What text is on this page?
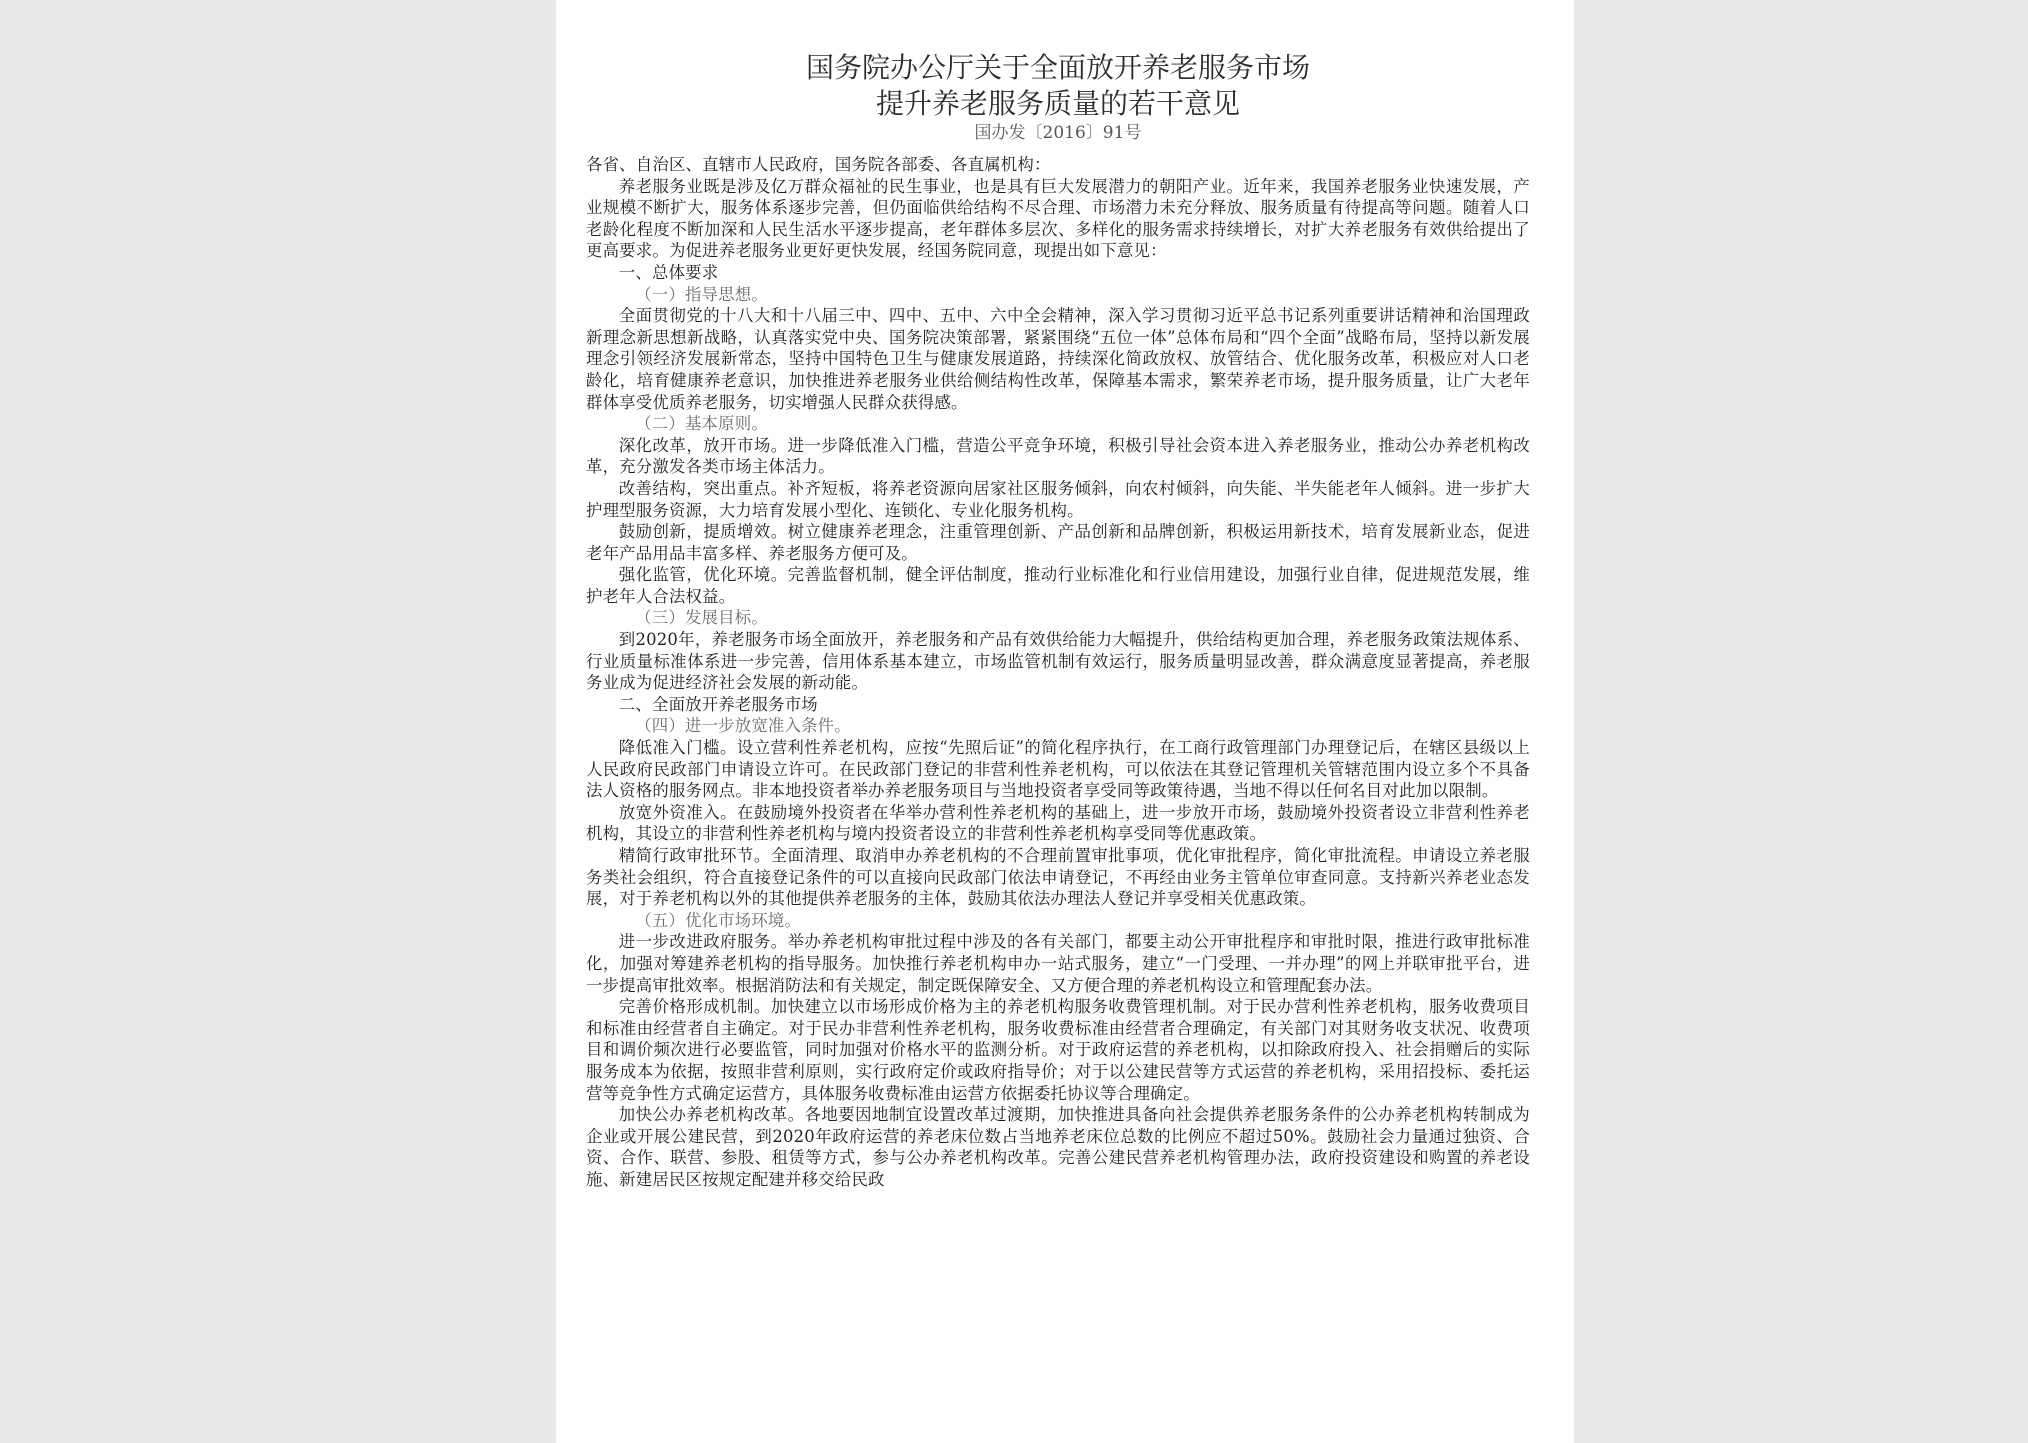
国务院办公厅关于全面放开养老服务市场
提升养老服务质量的若干意见
国办发〔2016〕91号

各省、自治区、直辖市人民政府，国务院各部委、各直属机构：

养老服务业既是涉及亿万群众福祉的民生事业，也是具有巨大发展潜力的朝阳产业。近年来，我国养老服务业快速发展，产业规模不断扩大，服务体系逐步完善，但仍面临供给结构不尽合理、市场潜力未充分释放、服务质量有待提高等问题。随着人口老龄化程度不断加深和人民生活水平逐步提高，老年群体多层次、多样化的服务需求持续增长，对扩大养老服务有效供给提出了更高要求。为促进养老服务业更好更快发展，经国务院同意，现提出如下意见：

一、总体要求

（一）指导思想。

全面贯彻党的十八大和十八届三中、四中、五中、六中全会精神，深入学习贯彻习近平总书记系列重要讲话精神和治国理政新理念新思想新战略，认真落实党中央、国务院决策部署，紧紧围绕“五位一体”总体布局和“四个全面”战略布局，坚持以新发展理念引领经济发展新常态，坚持中国特色卫生与健康发展道路，持续深化简政放权、放管结合、优化服务改革，积极应对人口老龄化，培育健康养老意识，加快推进养老服务业供给侧结构性改革，保障基本需求，繁荣养老市场，提升服务质量，让广大老年群体享受优质养老服务，切实增强人民群众获得感。

（二）基本原则。

深化改革，放开市场。进一步降低准入门槛，营造公平竞争环境，积极引导社会资本进入养老服务业，推动公办养老机构改革，充分激发各类市场主体活力。

改善结构，突出重点。补齐短板，将养老资源向居家社区服务倾斜，向农村倾斜，向失能、半失能老年人倾斜。进一步扩大护理型服务资源，大力培育发展小型化、连锁化、专业化服务机构。

鼓励创新，提质增效。树立健康养老理念，注重管理创新、产品创新和品牌创新，积极运用新技术，培育发展新业态，促进老年产品用品丰富多样、养老服务方便可及。

强化监管，优化环境。完善监督机制，健全评估制度，推动行业标准化和行业信用建设，加强行业自律，促进规范发展，维护老年人合法权益。

（三）发展目标。

到2020年，养老服务市场全面放开，养老服务和产品有效供给能力大幅提升，供给结构更加合理，养老服务政策法规体系、行业质量标准体系进一步完善，信用体系基本建立，市场监管机制有效运行，服务质量明显改善，群众满意度显著提高，养老服务业成为促进经济社会发展的新动能。

二、全面放开养老服务市场

（四）进一步放宽准入条件。

降低准入门槛。设立营利性养老机构，应按“先照后证”的简化程序执行，在工商行政管理部门办理登记后，在辖区县级以上人民政府民政部门申请设立许可。在民政部门登记的非营利性养老机构，可以依法在其登记管理机关管辖范围内设立多个不具备法人资格的服务网点。非本地投资者举办养老服务项目与当地投资者享受同等政策待遇，当地不得以任何名目对此加以限制。

放宽外资准入。在鼓励境外投资者在华举办营利性养老机构的基础上，进一步放开市场，鼓励境外投资者设立非营利性养老机构，其设立的非营利性养老机构与境内投资者设立的非营利性养老机构享受同等优惠政策。

精简行政审批环节。全面清理、取消申办养老机构的不合理前置审批事项，优化审批程序，简化审批流程。申请设立养老服务类社会组织，符合直接登记条件的可以直接向民政部门依法申请登记，不再经由业务主管单位审查同意。支持新兴养老业态发展，对于养老机构以外的其他提供养老服务的主体，鼓励其依法办理法人登记并享受相关优惠政策。

（五）优化市场环境。

进一步改进政府服务。举办养老机构审批过程中涉及的各有关部门，都要主动公开审批程序和审批时限，推进行政审批标准化，加强对筹建养老机构的指导服务。加快推行养老机构申办一站式服务，建立“一门受理、一并办理”的网上并联审批平台，进一步提高审批效率。根据消防法和有关规定，制定既保障安全、又方便合理的养老机构设立和管理配套办法。

完善价格形成机制。加快建立以市场形成价格为主的养老机构服务收费管理机制。对于民办营利性养老机构，服务收费项目和标准由经营者自主确定。对于民办非营利性养老机构，服务收费标准由经营者合理确定，有关部门对其财务收支状况、收费项目和调价频次进行必要监管，同时加强对价格水平的监测分析。对于政府运营的养老机构，以扣除政府投入、社会捐赠后的实际服务成本为依据，按照非营利原则，实行政府定价或政府指导价；对于以公建民营等方式运营的养老机构，采用招投标、委托运营等竞争性方式确定运营方，具体服务收费标准由运营方依据委托协议等合理确定。

加快公办养老机构改革。各地要因地制宜设置改革过渡期，加快推进具备向社会提供养老服务条件的公办养老机构转制成为企业或开展公建民营，到2020年政府运营的养老床位数占当地养老床位总数的比例应不超过50%。鼓励社会力量通过独资、合资、合作、联营、参股、租赁等方式，参与公办养老机构改革。完善公建民营养老机构管理办法，政府投资建设和购置的养老设施、新建居民区按规定配建并移交给民政
